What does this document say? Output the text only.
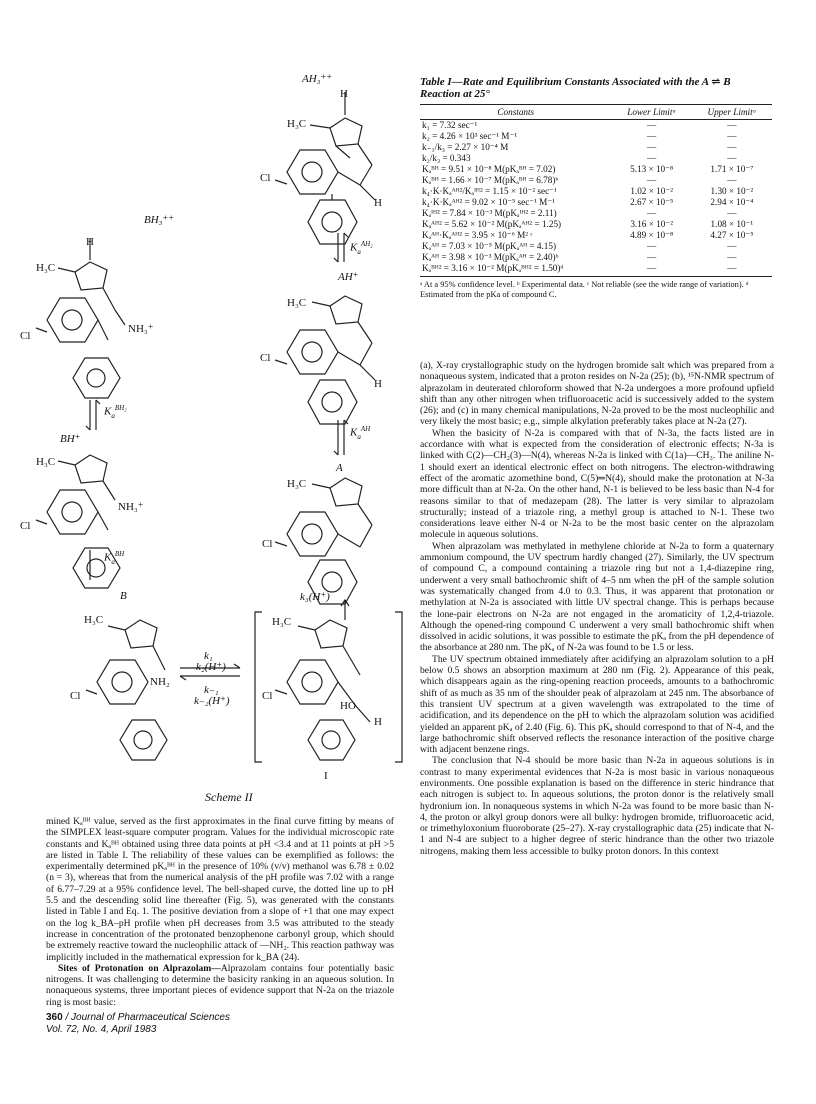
AH₃⁺⁺
H
H₃C
Cl
H
$K_a^{AH_2}$
AH⁺
H₃C
Cl
H
$K_a^{AH}$
A
H₃C
Cl
k₃(H⁺)
BH₃⁺⁺
H
H₃C
Cl
NH₃⁺
$K_a^{BH_2}$
BH⁺
H₃C
Cl
NH₃⁺
$K_a^{BH}$
B
H₃C
Cl
NH₂
k₁
k₂(H⁺)
k₋₁
k₋₂(H⁺)
H₃C
Cl
HO
H
I
Scheme II
Table I—Rate and Equilibrium Constants Associated with the A ⇌ B Reaction at 25°
Constants	Lower Limitᵃ	Upper Limitᵃ
k₁ = 7.32 sec⁻¹	—	—
k₂ = 4.26 × 10³ sec⁻¹ M⁻¹	—	—
k₋₁/k₃ = 2.27 × 10⁻⁴ M	—	—
k₂/k₃ = 0.343	—	—
Kₐᴮᴴ = 9.51 × 10⁻⁸ M(pKₐᴮᴴ = 7.02)	5.13 × 10⁻⁸	1.71 × 10⁻⁷
Kₐᴮᴴ = 1.66 × 10⁻⁷ M(pKₐᴮᴴ = 6.78)ᵇ	—	—
k₄·K·Kₐᴬᴴ²/Kₐᴵᴴ² = 1.15 × 10⁻² sec⁻¹	1.02 × 10⁻²	1.30 × 10⁻²
k₄·K·Kₐᴬᴴ² = 9.02 × 10⁻⁵ sec⁻¹ M⁻¹	2.67 × 10⁻⁵	2.94 × 10⁻⁴
Kₐᴵᴴ² = 7.84 × 10⁻³ M(pKₐᴵᴴ² = 2.11)	—	—
Kₐᴬᴴ² = 5.62 × 10⁻² M(pKₐᴬᴴ² = 1.25)	3.16 × 10⁻²	1.08 × 10⁻¹
Kₐᴬᴴ·Kₐᴬᴴ² = 3.95 × 10⁻⁶ M² ᶜ	4.89 × 10⁻⁸	4.27 × 10⁻⁵
Kₐᴬᴴ = 7.03 × 10⁻⁵ M(pKₐᴬᴴ = 4.15)	—	—
Kₐᴬᴴ = 3.98 × 10⁻³ M(pKₐᴬᴴ = 2.40)ᵇ	—	—
Kₐᴮᴴ² = 3.16 × 10⁻² M(pKₐᴮᴴ² = 1.50)ᵈ	—	—
ᵃ At a 95% confidence level. ᵇ Experimental data. ᶜ Not reliable (see the wide range of variation). ᵈ Estimated from the pKa of compound C.

(a), X-ray crystallographic study on the hydrogen bromide salt which was prepared from a nonaqueous system, indicated that a proton resides on N-2a (25); (b), ¹⁵N-NMR spectrum of alprazolam in deuterated chloroform showed that N-2a undergoes a more profound upfield shift than any other nitrogen when trifluoroacetic acid is successively added to the system (26); and (c) in many chemical manipulations, N-2a proved to be the most nucleophilic and very likely the most basic; e.g., simple alkylation preferably takes place at N-2a (27).

When the basicity of N-2a is compared with that of N-3a, the facts listed are in accordance with what is expected from the consideration of electronic effects; N-3a is linked with C(2)—CH₂(3)—N(4), whereas N-2a is linked with C(1a)—CH₃. The aniline N-1 should exert an identical electronic effect on both nitrogens. The electron-withdrawing effect of the aromatic azomethine bond, C(5)═N(4), should make the protonation at N-3a more difficult than at N-2a. On the other hand, N-1 is believed to be less basic than N-4 for reasons similar to that of medazepam (28). The latter is very similar to alprazolam structurally; instead of a triazole ring, a methyl group is attached to N-1. These two considerations leave either N-4 or N-2a to be the most basic center on the alprazolam molecule in aqueous solutions.

When alprazolam was methylated in methylene chloride at N-2a to form a quaternary ammonium compound, the UV spectrum hardly changed (27). Similarly, the UV spectrum of compound C, a compound containing a triazole ring but not a 1,4-diazepine ring, underwent a very small bathochromic shift of 4–5 nm when the pH of the sample solution was systematically changed from 4.0 to 0.3. Thus, it was apparent that protonation or methylation at N-2a is associated with little UV spectral change. This is perhaps because the lone-pair electrons on N-2a are not engaged in the aromaticity of 1,2,4-triazole. Although the opened-ring compound C underwent a very small bathochromic shift when dissolved in acidic solutions, it was possible to estimate the pKₐ from the pH dependence of the absorbance at 280 nm. The pKₐ of N-2a was found to be 1.5 or less.

The UV spectrum obtained immediately after acidifying an alprazolam solution to a pH below 0.5 shows an absorption maximum at 280 nm (Fig. 2). Appearance of this peak, which disappears again as the ring-opening reaction proceeds, amounts to a bathochromic shift of as much as 35 nm of the shoulder peak of alprazolam at 245 nm. The absorbance of this transient UV spectrum at a given wavelength was extrapolated to the time of acidification, and its dependence on the pH to which the alprazolam solution was acidified yielded an apparent pKₐ of 2.40 (Fig. 6). This pKₐ should correspond to that of N-4, and the large bathochromic shift observed reflects the resonance interaction of the positive charge with adjacent benzene rings.

The conclusion that N-4 should be more basic than N-2a in aqueous solutions is in contrast to many experimental evidences that N-2a is most basic in various nonaqueous environments. One possible explanation is based on the difference in steric hindrance that each nitrogen is subject to. In aqueous solutions, the proton donor is the relatively small hydronium ion. In nonaqueous systems in which N-2a was found to be more basic than N-4, the proton or alkyl group donors were all bulky: hydrogen bromide, trifluoroacetic acid, or trimethyloxonium fluoroborate (25–27). X-ray crystallographic data (25) indicate that N-1 and N-4 are subject to a higher degree of steric hindrance than the other two triazole nitrogens, making them less accessible to bulky proton donors. In this context

mined Kₐᴮᴴ value, served as the first approximates in the final curve fitting by means of the SIMPLEX least-square computer program. Values for the individual microscopic rate constants and Kₐᴮᴴ obtained using three data points at pH <3.4 and at 11 points at pH >5 are listed in Table I. The reliability of these values can be exemplified as follows: the experimentally determined pKₐᴮᴴ in the presence of 10% (v/v) methanol was 6.78 ± 0.02 (n = 3), whereas that from the numerical analysis of the pH profile was 7.02 with a range of 6.77–7.29 at a 95% confidence level. The bell-shaped curve, the dotted line up to pH 5.5 and the descending solid line thereafter (Fig. 5), was generated with the constants listed in Table I and Eq. 1. The positive deviation from a slope of +1 that one may expect on the log k_BA–pH profile when pH decreases from 3.5 was attributed to the steady increase in concentration of the protonated benzophenone carbonyl group, which should be extremely reactive toward the nucleophilic attack of —NH₂. This reaction pathway was implicitly included in the mathematical expression for k_BA (24).

Sites of Protonation on Alprazolam—Alprazolam contains four potentially basic nitrogens. It was challenging to determine the basicity ranking in an aqueous solution. In nonaqueous systems, three important pieces of evidence support that N-2a on the triazole ring is most basic:

360 / Journal of Pharmaceutical Sciences
Vol. 72, No. 4, April 1983
